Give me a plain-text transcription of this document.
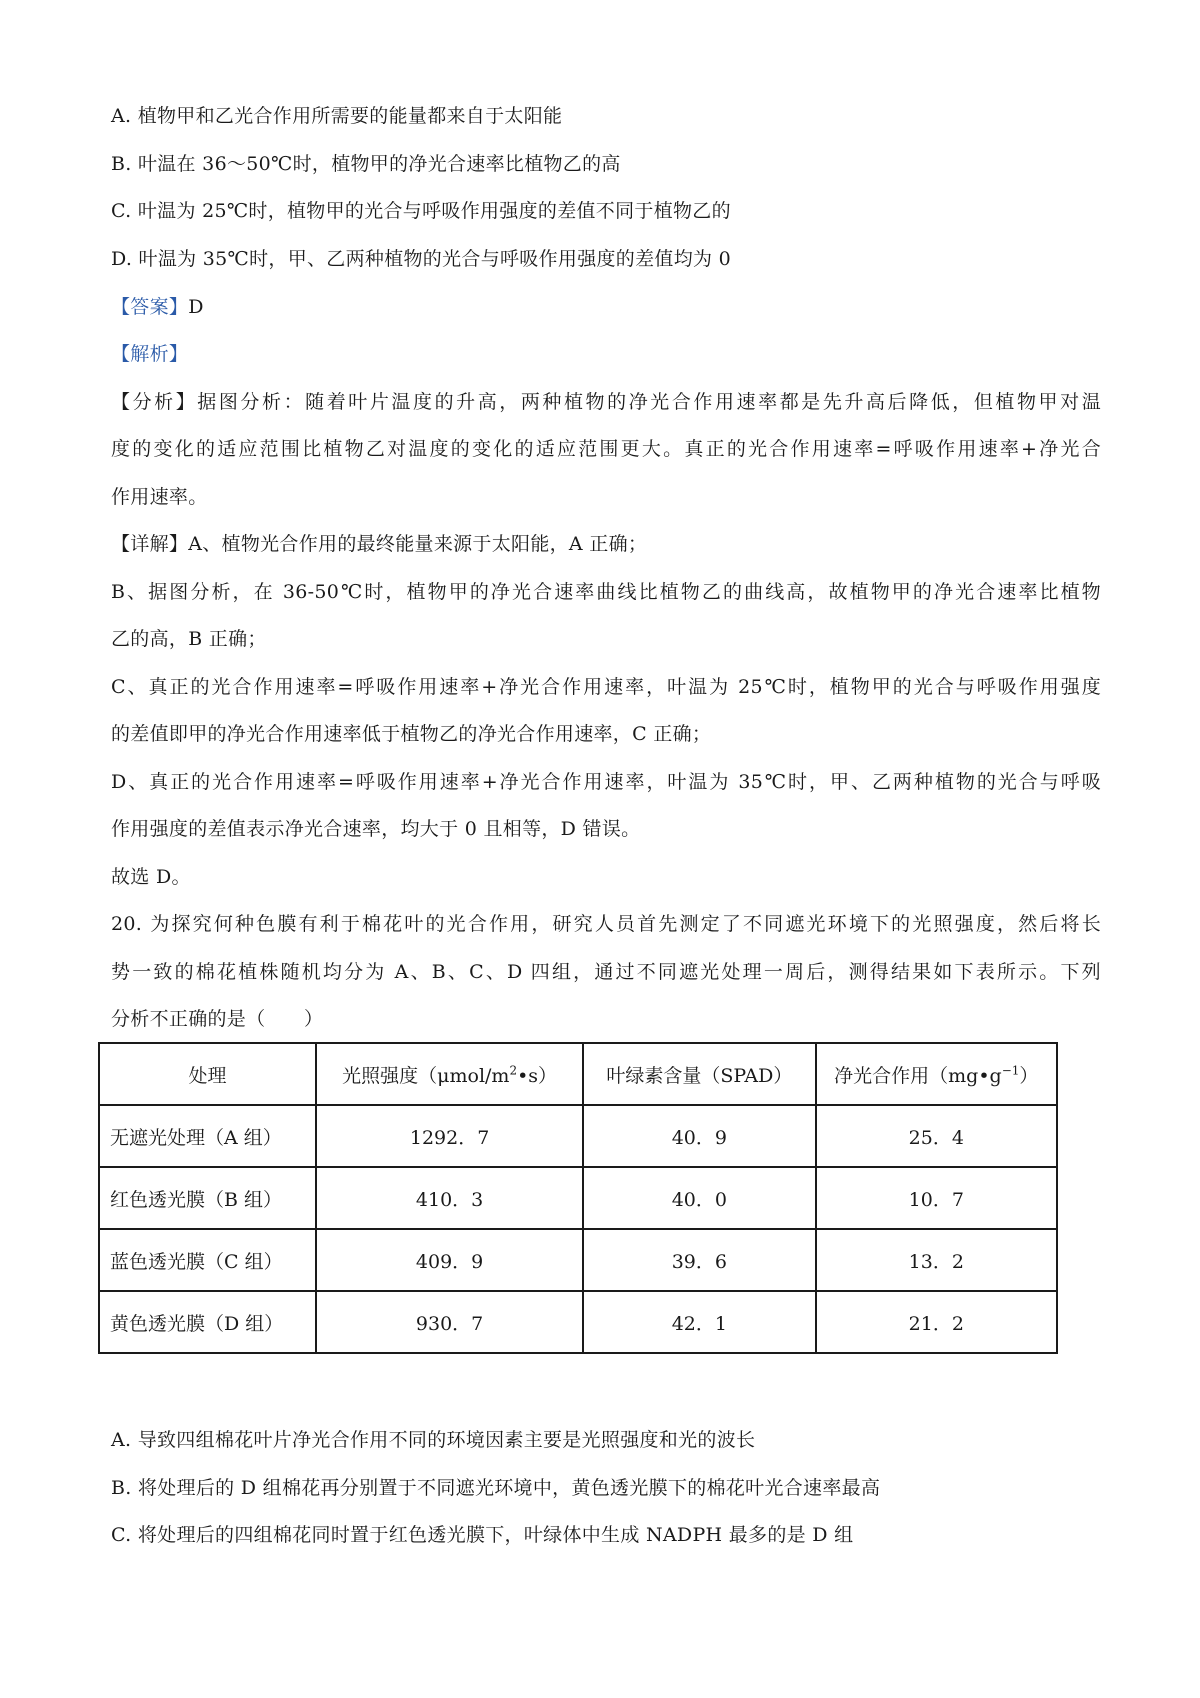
A. 植物甲和乙光合作用所需要的能量都来自于太阳能
B. 叶温在 36～50℃时，植物甲的净光合速率比植物乙的高
C. 叶温为 25℃时，植物甲的光合与呼吸作用强度的差值不同于植物乙的
D. 叶温为 35℃时，甲、乙两种植物的光合与呼吸作用强度的差值均为 0
【答案】D
【解析】
【分析】据图分析：随着叶片温度的升高，两种植物的净光合作用速率都是先升高后降低，但植物甲对温
度的变化的适应范围比植物乙对温度的变化的适应范围更大。真正的光合作用速率=呼吸作用速率+净光合
作用速率。
【详解】A、植物光合作用的最终能量来源于太阳能，A 正确；
B、据图分析，在 36-50℃时，植物甲的净光合速率曲线比植物乙的曲线高，故植物甲的净光合速率比植物
乙的高，B 正确；
C、真正的光合作用速率=呼吸作用速率+净光合作用速率，叶温为 25℃时，植物甲的光合与呼吸作用强度
的差值即甲的净光合作用速率低于植物乙的净光合作用速率，C 正确；
D、真正的光合作用速率=呼吸作用速率+净光合作用速率，叶温为 35℃时，甲、乙两种植物的光合与呼吸
作用强度的差值表示净光合速率，均大于 0 且相等，D 错误。
故选 D。
20. 为探究何种色膜有利于棉花叶的光合作用，研究人员首先测定了不同遮光环境下的光照强度，然后将长
势一致的棉花植株随机均分为 A、B、C、D 四组，通过不同遮光处理一周后，测得结果如下表所示。下列
分析不正确的是（　　）
处理	光照强度$(\mu mol/m^2•s)$	叶绿素含量（SPAD）	净光合作用$(mg•g^{-1})$
无遮光处理（A 组）	1292．7	40．9	25．4
红色透光膜（B 组）	410．3	40．0	10．7
蓝色透光膜（C 组）	409．9	39．6	13．2
黄色透光膜（D 组）	930．7	42．1	21．2
A. 导致四组棉花叶片净光合作用不同的环境因素主要是光照强度和光的波长
B. 将处理后的 D 组棉花再分别置于不同遮光环境中，黄色透光膜下的棉花叶光合速率最高
C. 将处理后的四组棉花同时置于红色透光膜下，叶绿体中生成 NADPH 最多的是 D 组
